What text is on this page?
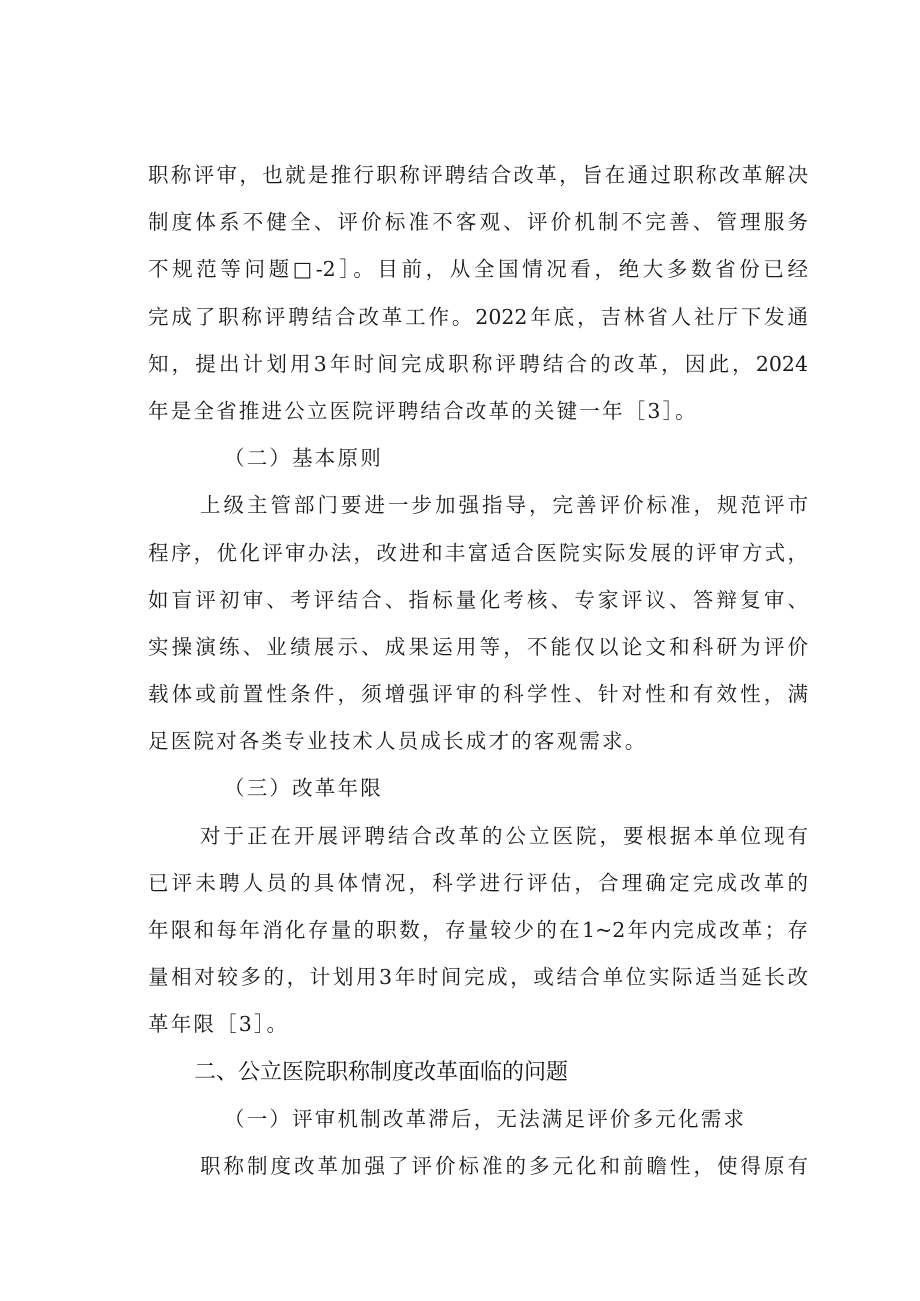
职称评审，也就是推行职称评聘结合改革，旨在通过职称改革解决
制度体系不健全、评价标准不客观、评价机制不完善、管理服务
不规范等问题□-2］。目前，从全国情况看，绝大多数省份已经
完成了职称评聘结合改革工作。2022年底，吉林省人社厅下发通
知，提出计划用3年时间完成职称评聘结合的改革，因此，2024
年是全省推进公立医院评聘结合改革的关键一年［3］。
（二）基本原则
上级主管部门要进一步加强指导，完善评价标准，规范评市
程序，优化评审办法，改进和丰富适合医院实际发展的评审方式，
如盲评初审、考评结合、指标量化考核、专家评议、答辩复审、
实操演练、业绩展示、成果运用等，不能仅以论文和科研为评价
载体或前置性条件，须增强评审的科学性、针对性和有效性，满
足医院对各类专业技术人员成长成才的客观需求。
（三）改革年限
对于正在开展评聘结合改革的公立医院，要根据本单位现有
已评未聘人员的具体情况，科学进行评估，合理确定完成改革的
年限和每年消化存量的职数，存量较少的在1~2年内完成改革；存
量相对较多的，计划用3年时间完成，或结合单位实际适当延长改
革年限［3］。
二、公立医院职称制度改革面临的问题
（一）评审机制改革滞后，无法满足评价多元化需求
职称制度改革加强了评价标准的多元化和前瞻性，使得原有
